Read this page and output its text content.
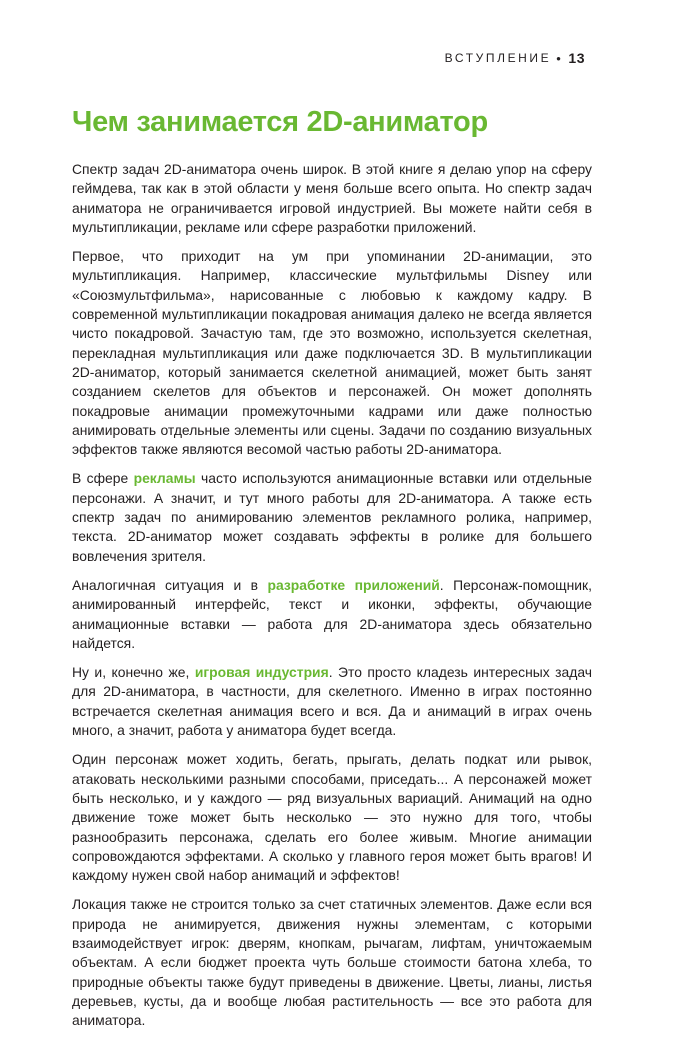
ВСТУПЛЕНИЕ • 13
Чем занимается 2D-аниматор

Спектр задач 2D-аниматора очень широк. В этой книге я делаю упор на сферу геймдева, так как в этой области у меня больше всего опыта. Но спектр задач аниматора не ограничивается игровой индустрией. Вы можете найти себя в мультипликации, рекламе или сфере разработки приложений.

Первое, что приходит на ум при упоминании 2D-анимации, это мультипликация. Например, классические мультфильмы Disney или «Союзмультфильма», нарисованные с любовью к каждому кадру. В современной мультипликации покадровая анимация далеко не всегда является чисто покадровой. Зачастую там, где это возможно, используется скелетная, перекладная мультипликация или даже подключается 3D. В мультипликации 2D-аниматор, который занимается скелетной анимацией, может быть занят созданием скелетов для объектов и персонажей. Он может дополнять покадровые анимации промежуточными кадрами или даже полностью анимировать отдельные элементы или сцены. Задачи по созданию визуальных эффектов также являются весомой частью работы 2D-аниматора.

В сфере рекламы часто используются анимационные вставки или отдельные персонажи. А значит, и тут много работы для 2D-аниматора. А также есть спектр задач по анимированию элементов рекламного ролика, например, текста. 2D-аниматор может создавать эффекты в ролике для большего вовлечения зрителя.

Аналогичная ситуация и в разработке приложений. Персонаж-помощник, анимированный интерфейс, текст и иконки, эффекты, обучающие анимационные вставки — работа для 2D-аниматора здесь обязательно найдется.

Ну и, конечно же, игровая индустрия. Это просто кладезь интересных задач для 2D-аниматора, в частности, для скелетного. Именно в играх постоянно встречается скелетная анимация всего и вся. Да и анимаций в играх очень много, а значит, работа у аниматора будет всегда.

Один персонаж может ходить, бегать, прыгать, делать подкат или рывок, атаковать несколькими разными способами, приседать... А персонажей может быть несколько, и у каждого — ряд визуальных вариаций. Анимаций на одно движение тоже может быть несколько — это нужно для того, чтобы разнообразить персонажа, сделать его более живым. Многие анимации сопровождаются эффектами. А сколько у главного героя может быть врагов! И каждому нужен свой набор анимаций и эффектов!

Локация также не строится только за счет статичных элементов. Даже если вся природа не анимируется, движения нужны элементам, с которыми взаимодействует игрок: дверям, кнопкам, рычагам, лифтам, уничтожаемым объектам. А если бюджет проекта чуть больше стоимости батона хлеба, то природные объекты также будут приведены в движение. Цветы, лианы, листья деревьев, кусты, да и вообще любая растительность — все это работа для аниматора.
